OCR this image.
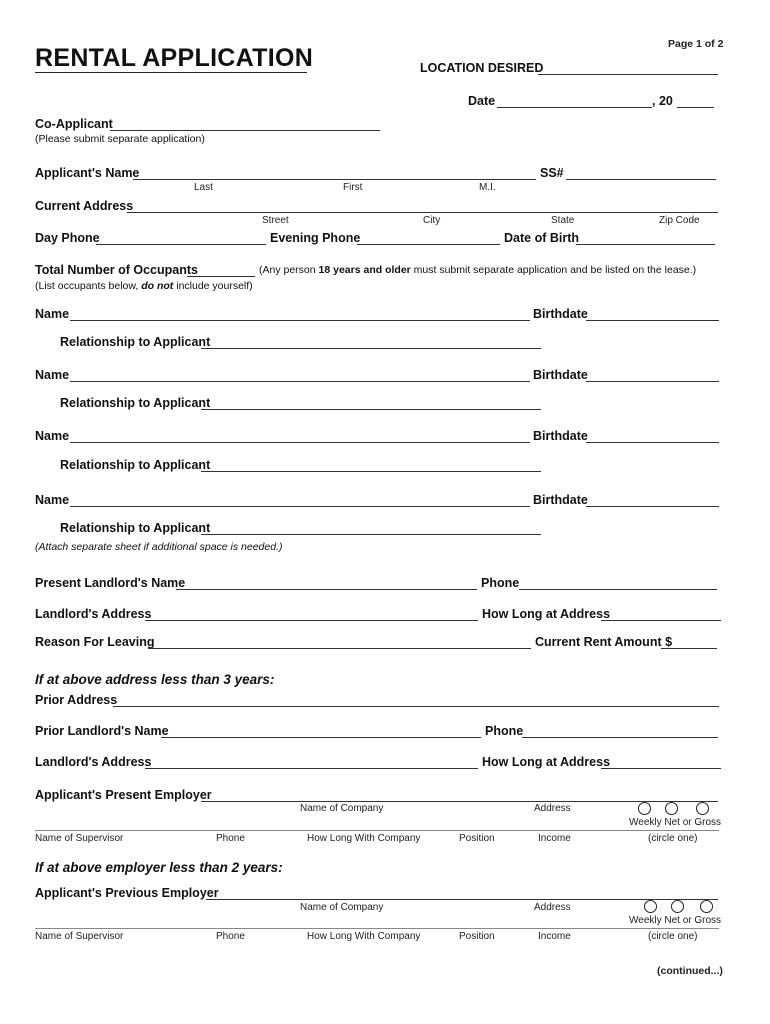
Page 1 of 2
RENTAL APPLICATION	LOCATION DESIRED
Date	, 20
Co-Applicant
(Please submit separate application)
Applicant's Name	SS#
Last	First	M.I.
Current Address
Street	City	State	Zip Code
Day Phone	Evening Phone	Date of Birth
Total Number of Occupants	(Any person 18 years and older must submit separate application and be listed on the lease.)
(List occupants below, do not include yourself)
Name	Birthdate
Relationship to Applicant
Name	Birthdate
Relationship to Applicant
Name	Birthdate
Relationship to Applicant
Name	Birthdate
Relationship to Applicant
(Attach separate sheet if additional space is needed.)
Present Landlord's Name	Phone
Landlord's Address	How Long at Address
Reason For Leaving	Current Rent Amount $
If at above address less than 3 years:
Prior Address
Prior Landlord's Name	Phone
Landlord's Address	How Long at Address
Applicant's Present Employer
Name of Company	Address
Weekly Net or Gross
Name of Supervisor	Phone	How Long With Company	Position	Income	(circle one)
If at above employer less than 2 years:
Applicant's Previous Employer
Name of Company	Address
Weekly Net or Gross
Name of Supervisor	Phone	How Long With Company	Position	Income	(circle one)
(continued...)
